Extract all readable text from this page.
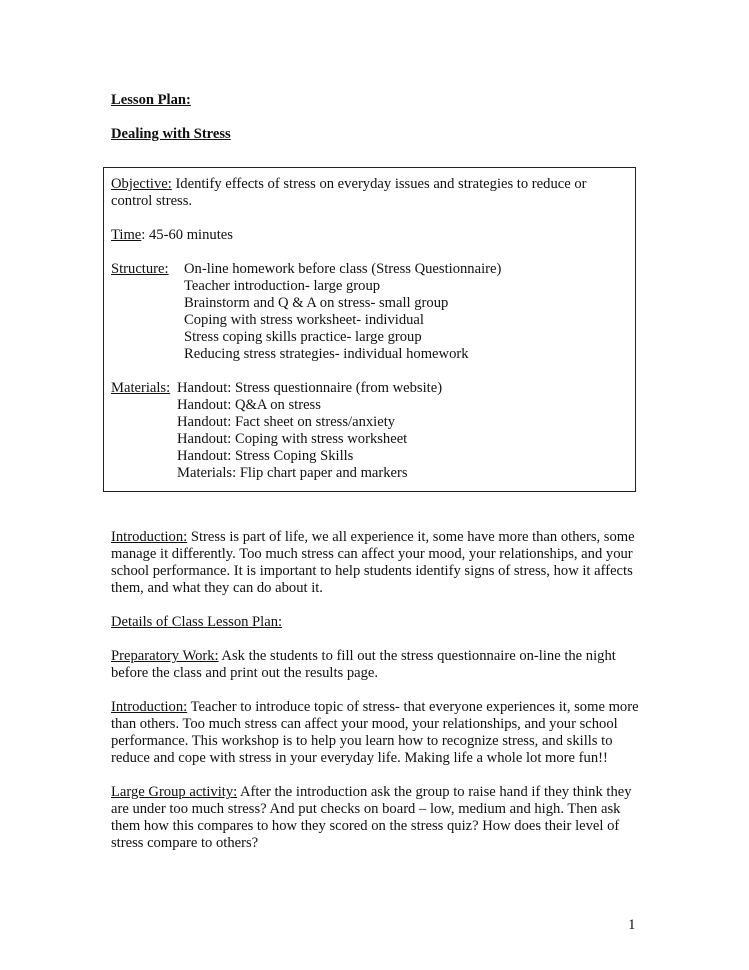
Lesson Plan:
Dealing with Stress

Objective: Identify effects of stress on everyday issues and strategies to reduce or control stress.

Time: 45-60 minutes

Structure:	On-line homework before class (Stress Questionnaire)
Teacher introduction- large group
Brainstorm and Q & A on stress- small group
Coping with stress worksheet- individual
Stress coping skills practice- large group
Reducing stress strategies- individual homework
Materials: Handout: Stress questionnaire (from website)
Handout: Q&A on stress
Handout: Fact sheet on stress/anxiety
Handout: Coping with stress worksheet
Handout: Stress Coping Skills
Materials: Flip chart paper and markers

Introduction: Stress is part of life, we all experience it, some have more than others, some manage it differently. Too much stress can affect your mood, your relationships, and your school performance. It is important to help students identify signs of stress, how it affects them, and what they can do about it.

Details of Class Lesson Plan:

Preparatory Work: Ask the students to fill out the stress questionnaire on-line the night before the class and print out the results page.

Introduction: Teacher to introduce topic of stress- that everyone experiences it, some more than others. Too much stress can affect your mood, your relationships, and your school performance. This workshop is to help you learn how to recognize stress, and skills to reduce and cope with stress in your everyday life. Making life a whole lot more fun!!

Large Group activity: After the introduction ask the group to raise hand if they think they are under too much stress? And put checks on board – low, medium and high. Then ask them how this compares to how they scored on the stress quiz? How does their level of stress compare to others?

1
